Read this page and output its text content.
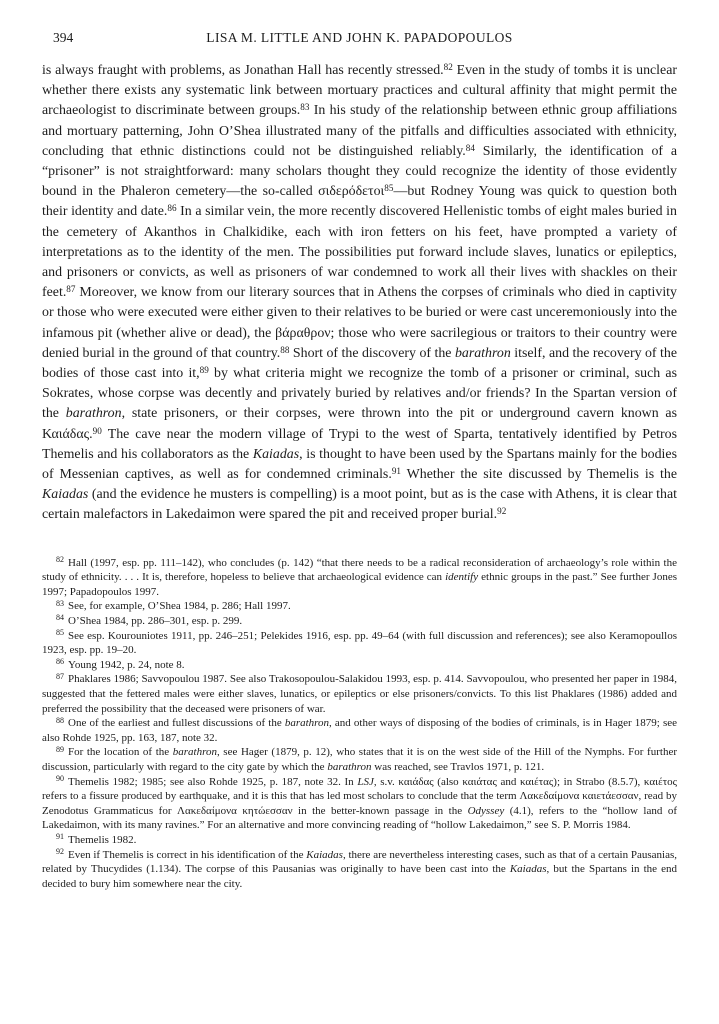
394	LISA M. LITTLE AND JOHN K. PAPADOPOULOS

is always fraught with problems, as Jonathan Hall has recently stressed.$^{82}$ Even in the study of tombs it is unclear whether there exists any systematic link between mortuary practices and cultural affinity that might permit the archaeologist to discriminate between groups.$^{83}$ In his study of the relationship between ethnic group affiliations and mortuary patterning, John O’Shea illustrated many of the pitfalls and difficulties associated with ethnicity, concluding that ethnic distinctions could not be distinguished reliably.$^{84}$ Similarly, the identification of a “prisoner” is not straightforward: many scholars thought they could recognize the identity of those evidently bound in the Phaleron cemetery—the so-called σιδερόδετοι$^{85}$—but Rodney Young was quick to question both their identity and date.$^{86}$ In a similar vein, the more recently discovered Hellenistic tombs of eight males buried in the cemetery of Akanthos in Chalkidike, each with iron fetters on his feet, have prompted a variety of interpretations as to the identity of the men. The possibilities put forward include slaves, lunatics or epileptics, and prisoners or convicts, as well as prisoners of war condemned to work all their lives with shackles on their feet.$^{87}$ Moreover, we know from our literary sources that in Athens the corpses of criminals who died in captivity or those who were executed were either given to their relatives to be buried or were cast unceremoniously into the infamous pit (whether alive or dead), the βάραθρον; those who were sacrilegious or traitors to their country were denied burial in the ground of that country.$^{88}$ Short of the discovery of the barathron itself, and the recovery of the bodies of those cast into it,$^{89}$ by what criteria might we recognize the tomb of a prisoner or criminal, such as Sokrates, whose corpse was decently and privately buried by relatives and/or friends? In the Spartan version of the barathron, state prisoners, or their corpses, were thrown into the pit or underground cavern known as Καιάδας.$^{90}$ The cave near the modern village of Trypi to the west of Sparta, tentatively identified by Petros Themelis and his collaborators as the Kaiadas, is thought to have been used by the Spartans mainly for the bodies of Messenian captives, as well as for condemned criminals.$^{91}$ Whether the site discussed by Themelis is the Kaiadas (and the evidence he musters is compelling) is a moot point, but as is the case with Athens, it is clear that certain malefactors in Lakedaimon were spared the pit and received proper burial.$^{92}$

$^{82}$ Hall (1997, esp. pp. 111–142), who concludes (p. 142) “that there needs to be a radical reconsideration of archaeology’s role within the study of ethnicity. . . . It is, therefore, hopeless to believe that archaeological evidence can identify ethnic groups in the past.” See further Jones 1997; Papadopoulos 1997.

$^{83}$ See, for example, O’Shea 1984, p. 286; Hall 1997.

$^{84}$ O’Shea 1984, pp. 286–301, esp. p. 299.

$^{85}$ See esp. Kourouniotes 1911, pp. 246–251; Pelekides 1916, esp. pp. 49–64 (with full discussion and references); see also Keramopoullos 1923, esp. pp. 19–20.

$^{86}$ Young 1942, p. 24, note 8.

$^{87}$ Phaklares 1986; Savvopoulou 1987. See also Trakosopoulou-Salakidou 1993, esp. p. 414. Savvopoulou, who presented her paper in 1984, suggested that the fettered males were either slaves, lunatics, or epileptics or else prisoners/convicts. To this list Phaklares (1986) added and preferred the possibility that the deceased were prisoners of war.

$^{88}$ One of the earliest and fullest discussions of the barathron, and other ways of disposing of the bodies of criminals, is in Hager 1879; see also Rohde 1925, pp. 163, 187, note 32.

$^{89}$ For the location of the barathron, see Hager (1879, p. 12), who states that it is on the west side of the Hill of the Nymphs. For further discussion, particularly with regard to the city gate by which the barathron was reached, see Travlos 1971, p. 121.

$^{90}$ Themelis 1982; 1985; see also Rohde 1925, p. 187, note 32. In LSJ, s.v. καιάδας (also καιάτας and καιέτας); in Strabo (8.5.7), καιέτος refers to a fissure produced by earthquake, and it is this that has led most scholars to conclude that the term Λακεδαίμονα καιετάεσσαν, read by Zenodotus Grammaticus for Λακεδαίμονα κητώεσσαν in the better-known passage in the Odyssey (4.1), refers to the “hollow land of Lakedaimon, with its many ravines.” For an alternative and more convincing reading of “hollow Lakedaimon,” see S. P. Morris 1984.

$^{91}$ Themelis 1982.

$^{92}$ Even if Themelis is correct in his identification of the Kaiadas, there are nevertheless interesting cases, such as that of a certain Pausanias, related by Thucydides (1.134). The corpse of this Pausanias was originally to have been cast into the Kaiadas, but the Spartans in the end decided to bury him somewhere near the city.
